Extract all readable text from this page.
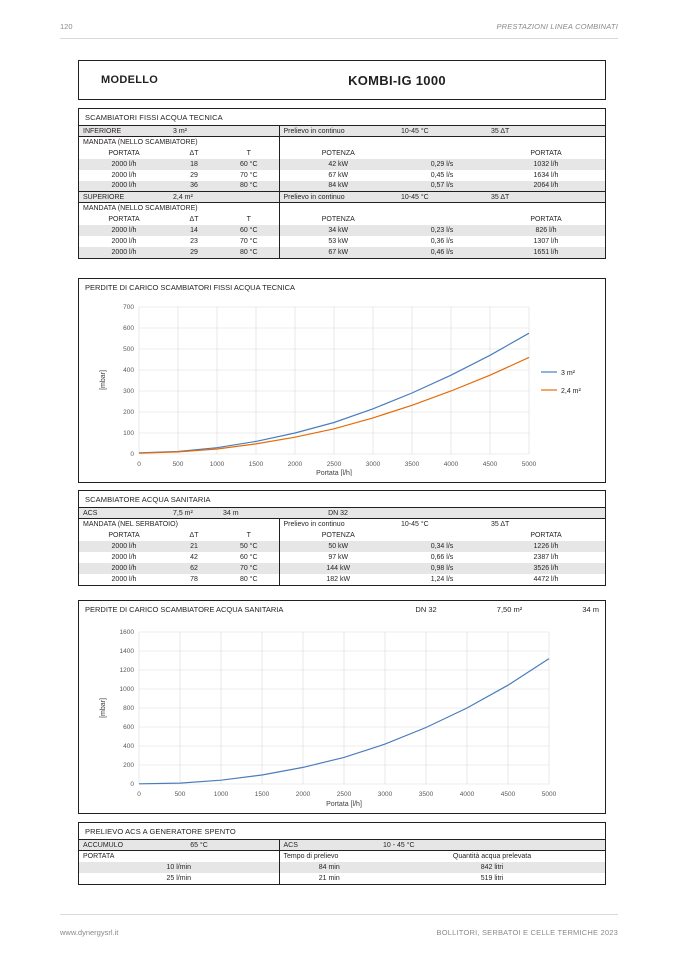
120	PRESTAZIONI LINEA COMBINATI
MODELLO	KOMBI-IG 1000
SCAMBIATORI FISSI ACQUA TECNICA
INFERIORE	3 m²		Prelievo in continuo	10-45 °C	35 ΔT
MANDATA (NELLO SCAMBIATORE)					
PORTATA	ΔT	T	POTENZA		PORTATA
2000 l/h	18	60 °C	42 kW	0,29 l/s	1032 l/h
2000 l/h	29	70 °C	67 kW	0,45 l/s	1634 l/h
2000 l/h	36	80 °C	84 kW	0,57 l/s	2064 l/h
SUPERIORE	2,4 m²		Prelievo in continuo	10-45 °C	35 ΔT
MANDATA (NELLO SCAMBIATORE)					
PORTATA	ΔT	T	POTENZA		PORTATA
2000 l/h	14	60 °C	34 kW	0,23 l/s	826 l/h
2000 l/h	23	70 °C	53 kW	0,36 l/s	1307 l/h
2000 l/h	29	80 °C	67 kW	0,46 l/s	1651 l/h
PERDITE DI CARICO SCAMBIATORI FISSI ACQUA TECNICA
0
100
200
300
400
500
600
700
0	500	1000	1500	2000	2500	3000	3500	4000	4500	5000
Portata [l/h]
[mbar]	3 m²
2,4 m²
SCAMBIATORE ACQUA SANITARIA
ACS	7,5 m²	34 m	DN 32		
MANDATA (NEL SERBATOIO)			Prelievo in continuo	10-45 °C	35 ΔT
PORTATA	ΔT	T	POTENZA		PORTATA
2000 l/h	21	50 °C	50 kW	0,34 l/s	1226 l/h
2000 l/h	42	60 °C	97 kW	0,66 l/s	2387 l/h
2000 l/h	62	70 °C	144 kW	0,98 l/s	3526 l/h
2000 l/h	78	80 °C	182 kW	1,24 l/s	4472 l/h
PERDITE DI CARICO SCAMBIATORE ACQUA SANITARIA	DN 32	7,50 m²	34 m
0
200
400
600
800
1000
1200
1400
1600
0	500	1000	1500	2000	2500	3000	3500	4000	4500	5000
Portata [l/h]
[mbar]
PRELIEVO ACS A GENERATORE SPENTO
ACCUMULO	65 °C		ACS	10 - 45 °C	
PORTATA			Tempo di prelievo	Quantità acqua prelevata	
10 l/min			84 min	842 litri	
25 l/min			21 min	519 litri	
www.dynergysrl.it	BOLLITORI, SERBATOI E CELLE TERMICHE 2023
